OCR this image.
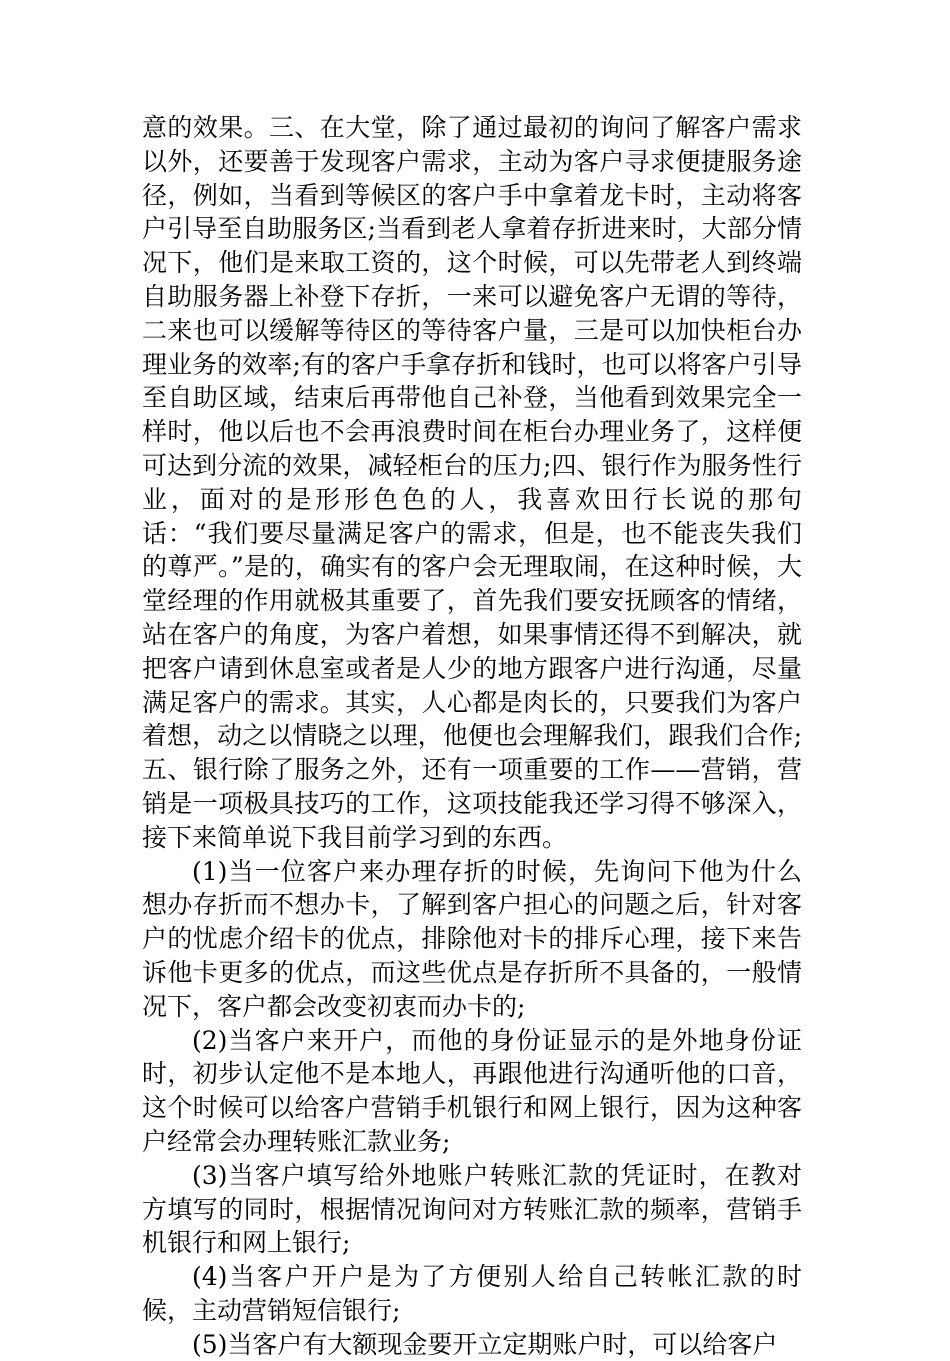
意的效果。三、在大堂，除了通过最初的询问了解客户需求以外，还要善于发现客户需求，主动为客户寻求便捷服务途径，例如，当看到等候区的客户手中拿着龙卡时，主动将客户引导至自助服务区;当看到老人拿着存折进来时，大部分情况下，他们是来取工资的，这个时候，可以先带老人到终端自助服务器上补登下存折，一来可以避免客户无谓的等待，二来也可以缓解等待区的等待客户量，三是可以加快柜台办理业务的效率;有的客户手拿存折和钱时，也可以将客户引导至自助区域，结束后再带他自己补登，当他看到效果完全一样时，他以后也不会再浪费时间在柜台办理业务了，这样便可达到分流的效果，减轻柜台的压力;四、银行作为服务性行业，面对的是形形色色的人，我喜欢田行长说的那句话：“我们要尽量满足客户的需求，但是，也不能丧失我们的尊严。”是的，确实有的客户会无理取闹，在这种时候，大堂经理的作用就极其重要了，首先我们要安抚顾客的情绪，站在客户的角度，为客户着想，如果事情还得不到解决，就把客户请到休息室或者是人少的地方跟客户进行沟通，尽量满足客户的需求。其实，人心都是肉长的，只要我们为客户着想，动之以情晓之以理，他便也会理解我们，跟我们合作;五、银行除了服务之外，还有一项重要的工作——营销，营销是一项极具技巧的工作，这项技能我还学习得不够深入，接下来简单说下我目前学习到的东西。

(1)当一位客户来办理存折的时候，先询问下他为什么想办存折而不想办卡，了解到客户担心的问题之后，针对客户的忧虑介绍卡的优点，排除他对卡的排斥心理，接下来告诉他卡更多的优点，而这些优点是存折所不具备的，一般情况下，客户都会改变初衷而办卡的;

(2)当客户来开户，而他的身份证显示的是外地身份证时，初步认定他不是本地人，再跟他进行沟通听他的口音，这个时候可以给客户营销手机银行和网上银行，因为这种客户经常会办理转账汇款业务;

(3)当客户填写给外地账户转账汇款的凭证时，在教对方填写的同时，根据情况询问对方转账汇款的频率，营销手机银行和网上银行;

(4)当客户开户是为了方便别人给自己转帐汇款的时候，主动营销短信银行;

(5)当客户有大额现金要开立定期账户时，可以给客户
